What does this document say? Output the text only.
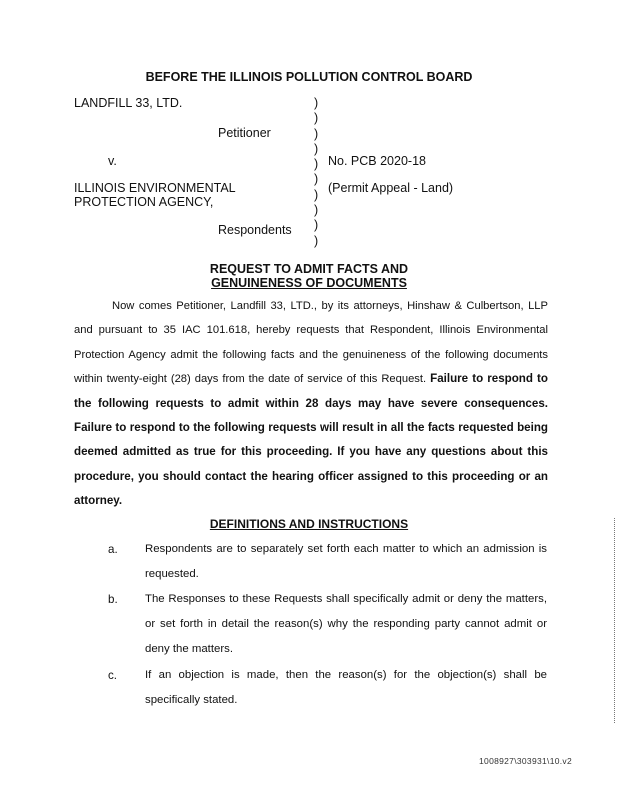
BEFORE THE ILLINOIS POLLUTION CONTROL BOARD
LANDFILL 33, LTD.
Petitioner
v.
ILLINOIS ENVIRONMENTAL
PROTECTION AGENCY,
Respondents
)
)
)
)
)
)
)
)
)
)
No. PCB 2020-18
(Permit Appeal - Land)
REQUEST TO ADMIT FACTS AND
GENUINENESS OF DOCUMENTS
Now comes Petitioner, Landfill 33, LTD., by its attorneys, Hinshaw & Culbertson, LLP and pursuant to 35 IAC 101.618, hereby requests that Respondent, Illinois Environmental Protection Agency admit the following facts and the genuineness of the following documents within twenty-eight (28) days from the date of service of this Request. Failure to respond to the following requests to admit within 28 days may have severe consequences. Failure to respond to the following requests will result in all the facts requested being deemed admitted as true for this proceeding. If you have any questions about this procedure, you should contact the hearing officer assigned to this proceeding or an attorney.
DEFINITIONS AND INSTRUCTIONS
a. Respondents are to separately set forth each matter to which an admission is requested.
b. The Responses to these Requests shall specifically admit or deny the matters, or set forth in detail the reason(s) why the responding party cannot admit or deny the matters.
c. If an objection is made, then the reason(s) for the objection(s) shall be specifically stated.
1008927\303931\10.v2
